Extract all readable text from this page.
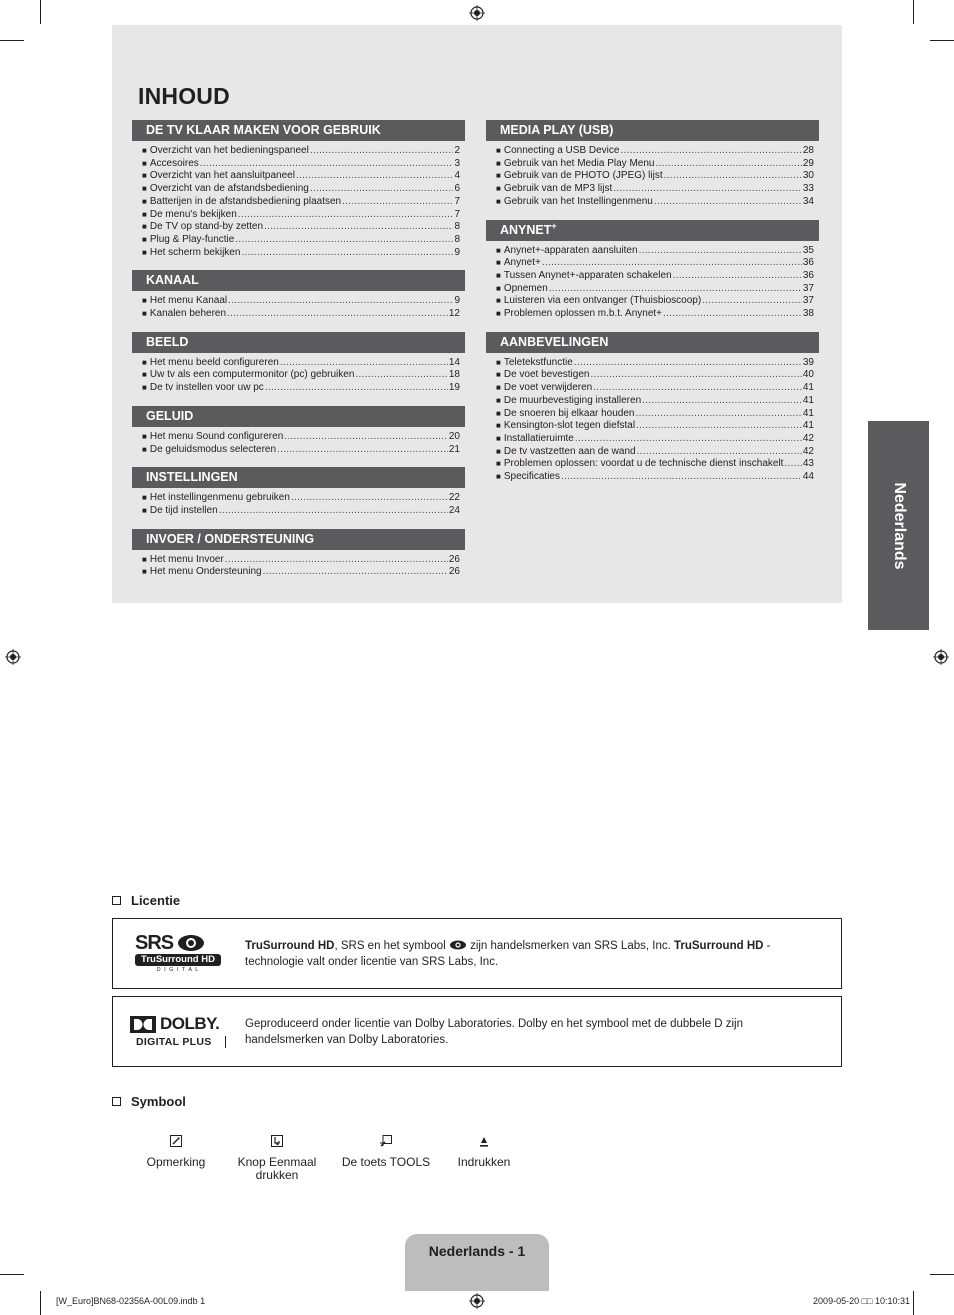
INHOUD
DE TV KLAAR MAKEN VOOR GEBRUIK
■ Overzicht van het bedieningspaneel .....	2
■ Accesoires .....	3
■ Overzicht van het aansluitpaneel .....	4
■ Overzicht van de afstandsbediening .....	6
■ Batterijen in de afstandsbediening plaatsen .....	7
■ De menu's bekijken .....	7
■ De TV op stand-by zetten .....	8
■ Plug & Play-functie .....	8
■ Het scherm bekijken .....	9
KANAAL
■ Het menu Kanaal .....	9
■ Kanalen beheren .....	12
BEELD
■ Het menu beeld configureren .....	14
■ Uw tv als een computermonitor (pc) gebruiken .....	18
■ De tv instellen voor uw pc .....	19
GELUID
■ Het menu Sound configureren .....	20
■ De geluidsmodus selecteren .....	21
INSTELLINGEN
■ Het instellingenmenu gebruiken .....	22
■ De tijd instellen .....	24
INVOER / ONDERSTEUNING
■ Het menu Invoer .....	26
■ Het menu Ondersteuning .....	26
MEDIA PLAY (USB)
■ Connecting a USB Device .....	28
■ Gebruik van het Media Play Menu .....	29
■ Gebruik van de PHOTO (JPEG) lijst .....	30
■ Gebruik van de MP3 lijst .....	33
■ Gebruik van het Instellingenmenu .....	34
ANYNET+
■ Anynet+-apparaten aansluiten .....	35
■ Anynet+ .....	36
■ Tussen Anynet+-apparaten schakelen .....	36
■ Opnemen .....	37
■ Luisteren via een ontvanger (Thuisbioscoop) .....	37
■ Problemen oplossen m.b.t. Anynet+ .....	38
AANBEVELINGEN
■ Teletekstfunctie .....	39
■ De voet bevestigen .....	40
■ De voet verwijderen .....	41
■ De muurbevestiging installeren .....	41
■ De snoeren bij elkaar houden .....	41
■ Kensington-slot tegen diefstal .....	41
■ Installatieruimte .....	42
■ De tv vastzetten aan de wand .....	42
■ Problemen oplossen: voordat u de technische dienst inschakelt ..... 43
■ Specificaties .....	44
Nederlands
Licentie
SRS
TruSurround HD
D I G I T A L
TruSurround HD, SRS en het symbool  zijn handelsmerken van SRS Labs, Inc. TruSurround HD - technologie valt onder licentie van SRS Labs, Inc.
DOLBY.
DIGITAL PLUS
Geproduceerd onder licentie van Dolby Laboratories. Dolby en het symbool met de dubbele D zijn handelsmerken van Dolby Laboratories.
Symbool
Opmerking	Knop Eenmaal drukken
De toets TOOLS	Indrukken
Nederlands - 1
[W_Euro]BN68-02356A-00L09.indb 1	2009-05-20 □□ 10:10:31
